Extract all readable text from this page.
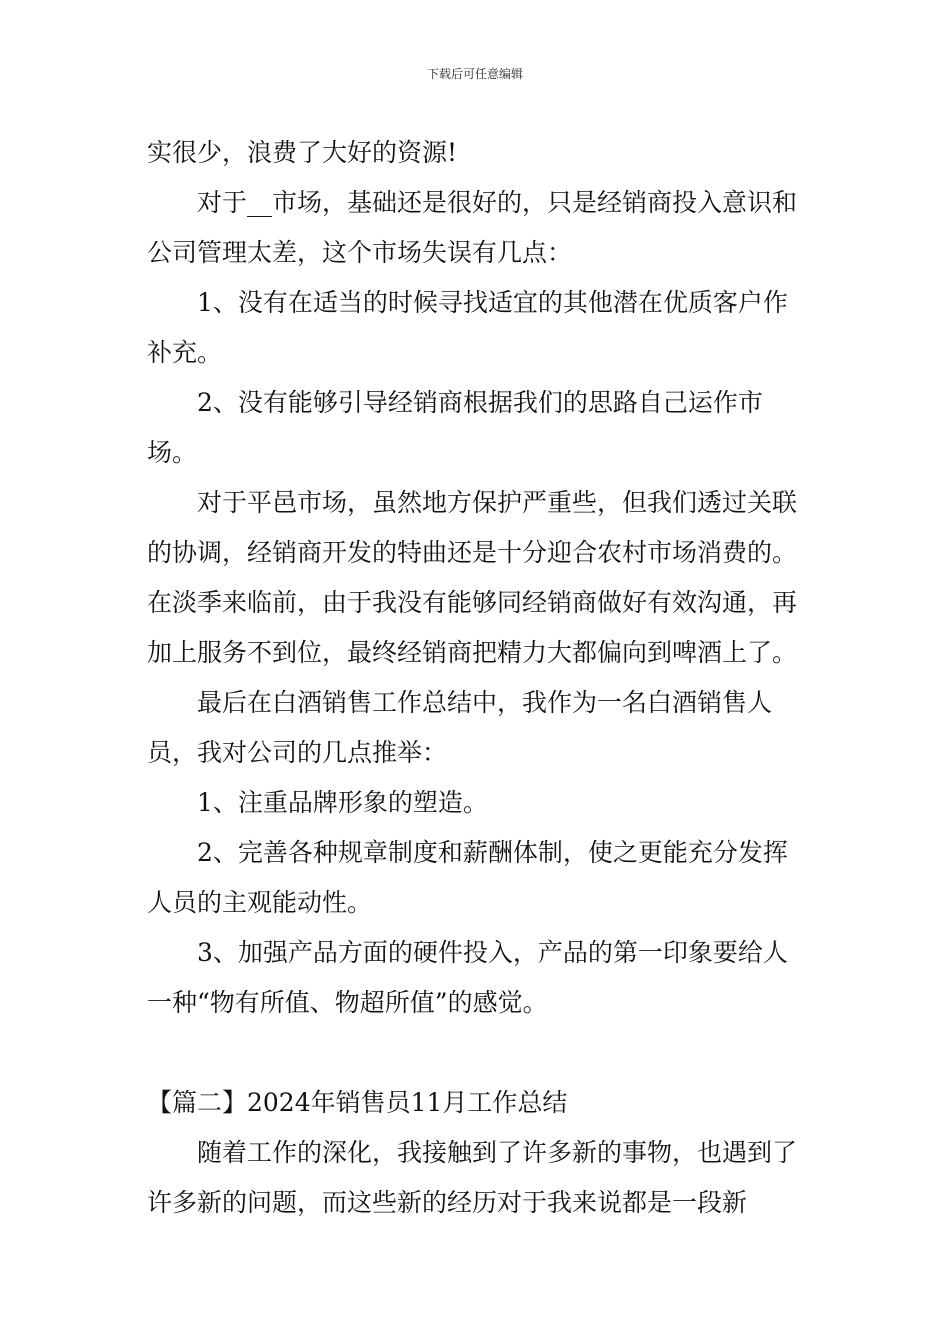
下载后可任意编辑

实很少，浪费了大好的资源!

对于__市场，基础还是很好的，只是经销商投入意识和公司管理太差，这个市场失误有几点：

1、没有在适当的时候寻找适宜的其他潜在优质客户作补充。

2、没有能够引导经销商根据我们的思路自己运作市场。

对于平邑市场，虽然地方保护严重些，但我们透过关联的协调，经销商开发的特曲还是十分迎合农村市场消费的。在淡季来临前，由于我没有能够同经销商做好有效沟通，再加上服务不到位，最终经销商把精力大都偏向到啤酒上了。

最后在白酒销售工作总结中，我作为一名白酒销售人员，我对公司的几点推举：

1、注重品牌形象的塑造。

2、完善各种规章制度和薪酬体制，使之更能充分发挥人员的主观能动性。

3、加强产品方面的硬件投入，产品的第一印象要给人一种“物有所值、物超所值”的感觉。

【篇二】2024年销售员11月工作总结

随着工作的深化，我接触到了许多新的事物，也遇到了许多新的问题，而这些新的经历对于我来说都是一段新
